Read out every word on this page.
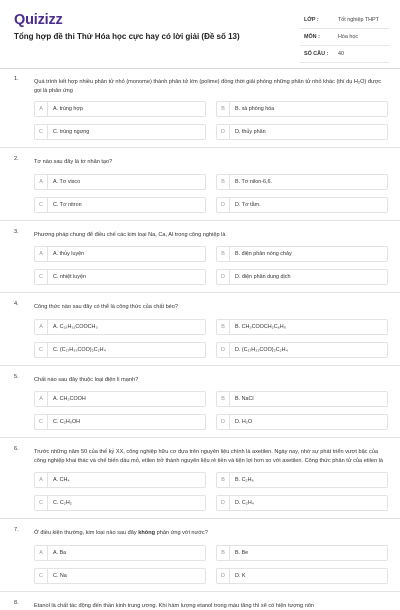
Quizizz
Tổng hợp đề thi Thử Hóa học cực hay có lời giải (Đề số 13)
LỚP :	Tốt nghiệp THPT
MÔN :	Hóa học
SỐ CÂU : 40
1.	Quá trình kết hợp nhiều phân tử nhỏ (monome) thành phân tử lớn (polime) đồng thời giải phóng những phân tử nhỏ khác (thí dụ H₂O) được gọi là phản ứng
A	A. trùng hợp	B	B. xà phòng hóa
C	C. trùng ngưng	D	D. thủy phân
2.	Tơ nào sau đây là tơ nhân tạo?
A	A. Tơ visco	B	B. Tơ nilon-6,6.
C	C. Tơ nitron	D	D. Tơ tằm.
3.	Phương pháp chung để điều chế các kim loại Na, Ca, Al trong công nghiệp là
A	A. thủy luyện	B	B. điện phân nóng chảy
C	C. nhiệt luyện	D	D. điện phân dung dịch
4.	Công thức nào sau đây có thể là công thức của chất béo?
A	A. C₁₅H₃₁COOCH₃	B	B. CH₃COOCH₂C₆H₅
C	C. (C₁₇H₃₃COO)₂C₂H₄	D	D. (C₁₇H₃₃COO)₂C₂H₄
5.	Chất nào sau đây thuộc loại điện li mạnh?
A	A. CH₃COOH	B	B. NaCl
C	C. C₂H₅OH	D	D. H₂O
6.	Trước những năm 50 của thế kỷ XX, công nghiệp hữu cơ dựa trên nguyên liệu chính là axetilen. Ngày nay, nhờ sự phát triển vượt bậc của công nghiệp khai thác và chế biến dầu mỏ, etilen trở thành nguyên liệu rẻ tiền và tiện lợi hơn so với axetilen. Công thức phân tử của etilen là
A	A. CH₄	B	B. C₂H₆
C	C. C₂H₂	D	D. C₂H₄
7.	Ở điều kiện thường, kim loại nào sau đây không phản ứng với nước?
A	A. Ba	B	B. Be
C	C. Na	D	D. K
8.	Etanol là chất tác động đến thần kinh trung ương. Khi hàm lượng etanol trong máu tăng thì sẽ có hiện tượng nôn
